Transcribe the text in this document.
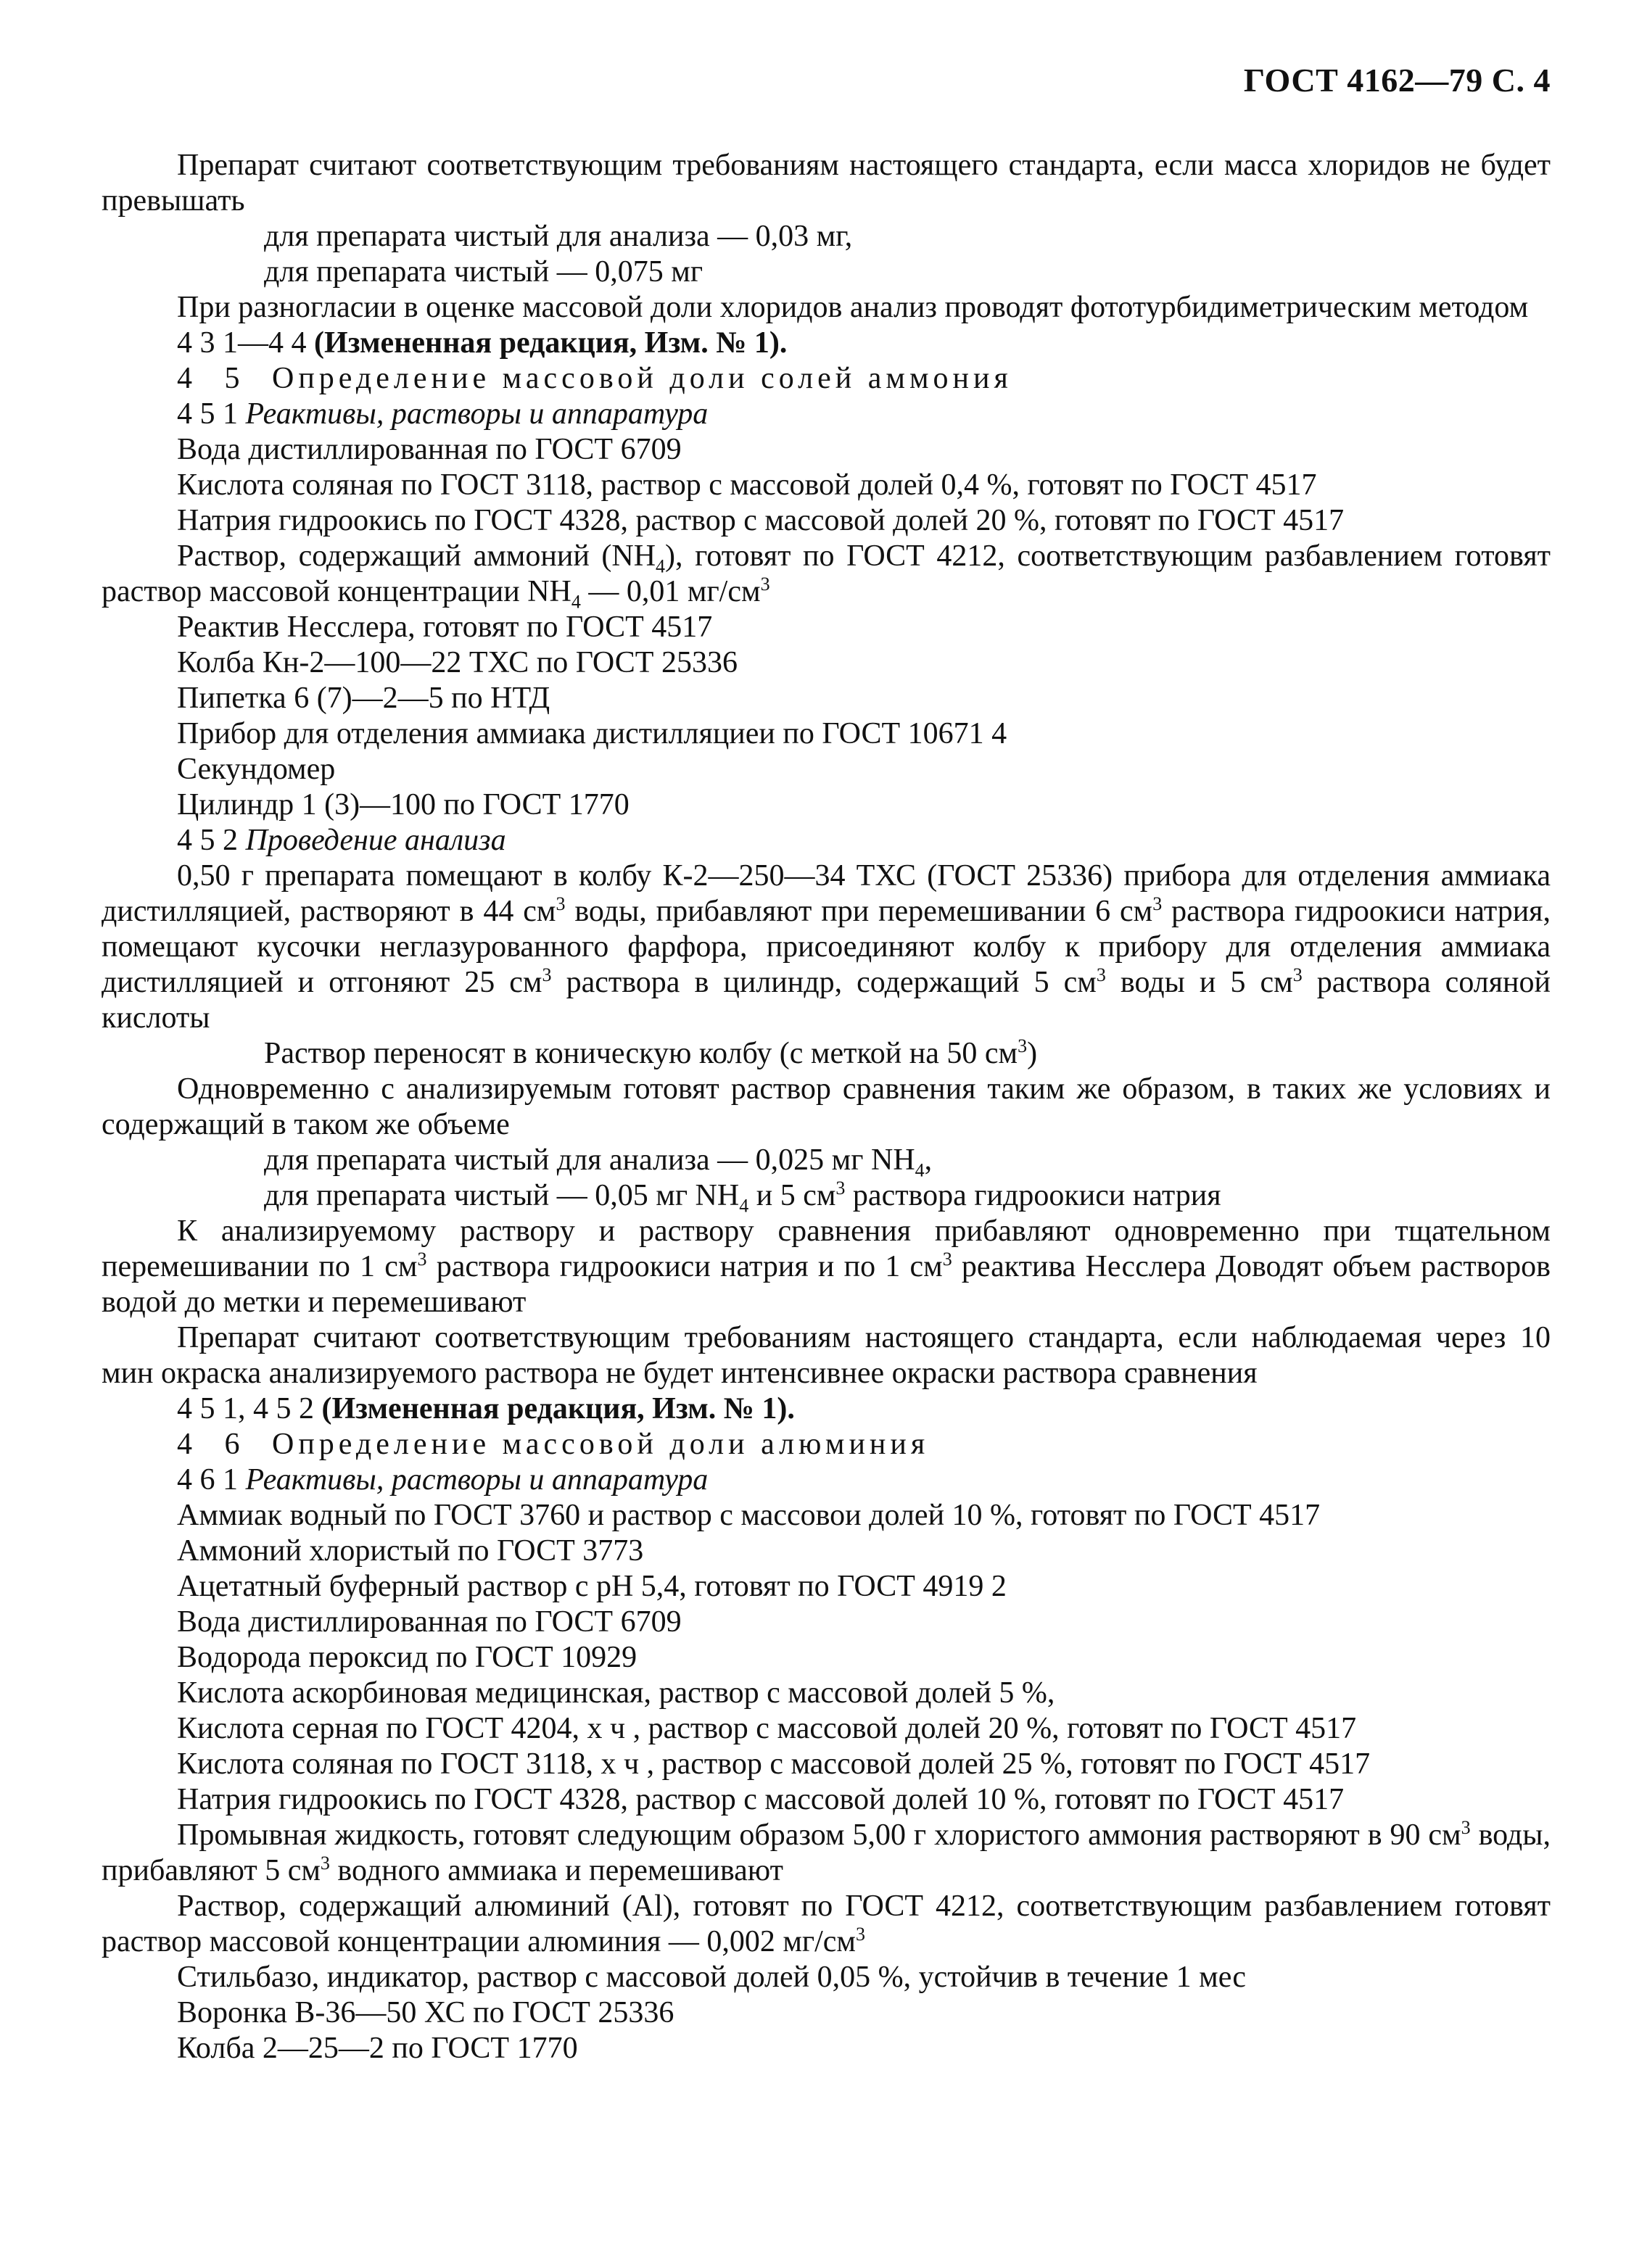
ГОСТ 4162—79 С. 4

Препарат считают соответствующим требованиям настоящего стандарта, если масса хлоридов не будет превышать

для препарата чистый для анализа — 0,03 мг,

для препарата чистый — 0,075 мг

При разногласии в оценке массовой доли хлоридов анализ проводят фототурбидиметрическим методом

4 3 1—4 4 (Измененная редакция, Изм. № 1).

4 5 Определение массовой доли солей аммония

4 5 1 Реактивы, растворы и аппаратура

Вода дистиллированная по ГОСТ 6709

Кислота соляная по ГОСТ 3118, раствор с массовой долей 0,4 %, готовят по ГОСТ 4517

Натрия гидроокись по ГОСТ 4328, раствор с массовой долей 20 %, готовят по ГОСТ 4517

Раствор, содержащий аммоний $(NH_4)$, готовят по ГОСТ 4212, соответствующим разбавлением готовят раствор массовой концентрации $NH_4$ — 0,01 $мг/см^3$

Реактив Несслера, готовят по ГОСТ 4517

Колба Кн-2—100—22 ТХС по ГОСТ 25336

Пипетка 6 (7)—2—5 по НТД

Прибор для отделения аммиака дистилляциеи по ГОСТ 10671 4

Секундомер

Цилиндр 1 (3)—100 по ГОСТ 1770

4 5 2 Проведение анализа

0,50 г препарата помещают в колбу К-2—250—34 ТХС (ГОСТ 25336) прибора для отделения аммиака дистилляцией, растворяют в 44 $см^3$ воды, прибавляют при перемешивании 6 $см^3$ раствора гидроокиси натрия, помещают кусочки неглазурованного фарфора, присоединяют колбу к прибору для отделения аммиака дистилляцией и отгоняют 25 $см^3$ раствора в цилиндр, содержащий 5 $см^3$ воды и 5 $см^3$ раствора соляной кислоты

Раствор переносят в коническую колбу (с меткой на 50 $см^3$)

Одновременно с анализируемым готовят раствор сравнения таким же образом, в таких же условиях и содержащий в таком же объеме

для препарата чистый для анализа — 0,025 мг $NH_4$,

для препарата чистый — 0,05 мг $NH_4$ и 5 $см^3$ раствора гидроокиси натрия

К анализируемому раствору и раствору сравнения прибавляют одновременно при тщательном перемешивании по 1 $см^3$ раствора гидроокиси натрия и по 1 $см^3$ реактива Несслера Доводят объем растворов водой до метки и перемешивают

Препарат считают соответствующим требованиям настоящего стандарта, если наблюдаемая через 10 мин окраска анализируемого раствора не будет интенсивнее окраски раствора сравнения

4 5 1, 4 5 2 (Измененная редакция, Изм. № 1).

4 6 Определение массовой доли алюминия

4 6 1 Реактивы, растворы и аппаратура

Аммиак водный по ГОСТ 3760 и раствор с массовои долей 10 %, готовят по ГОСТ 4517

Аммоний хлористый по ГОСТ 3773

Ацетатный буферный раствор с pH 5,4, готовят по ГОСТ 4919 2

Вода дистиллированная по ГОСТ 6709

Водорода пероксид по ГОСТ 10929

Кислота аскорбиновая медицинская, раствор с массовой долей 5 %,

Кислота серная по ГОСТ 4204, х ч , раствор с массовой долей 20 %, готовят по ГОСТ 4517

Кислота соляная по ГОСТ 3118, х ч , раствор с массовой долей 25 %, готовят по ГОСТ 4517

Натрия гидроокись по ГОСТ 4328, раствор с массовой долей 10 %, готовят по ГОСТ 4517

Промывная жидкость, готовят следующим образом 5,00 г хлористого аммония растворяют в 90 $см^3$ воды, прибавляют 5 $см^3$ водного аммиака и перемешивают

Раствор, содержащий алюминий (Al), готовят по ГОСТ 4212, соответствующим разбавлением готовят раствор массовой концентрации алюминия — 0,002 $мг/см^3$

Стильбазо, индикатор, раствор с массовой долей 0,05 %, устойчив в течение 1 мес

Воронка В-36—50 ХС по ГОСТ 25336

Колба 2—25—2 по ГОСТ 1770
